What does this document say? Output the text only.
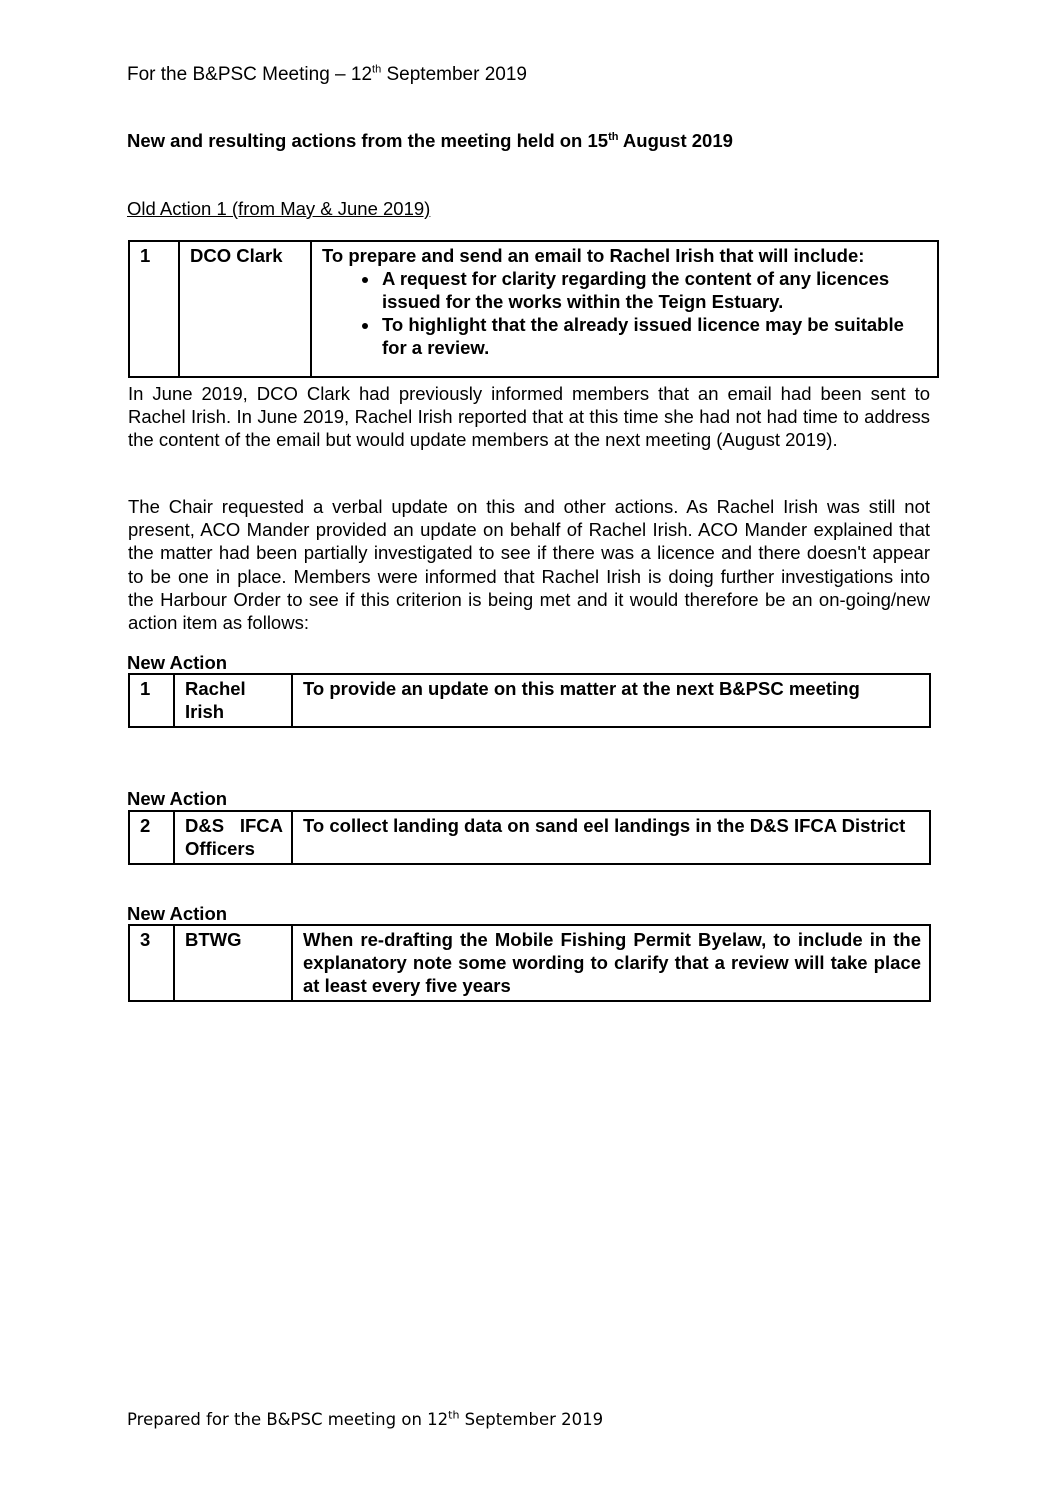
For the B&PSC Meeting – 12th September 2019
New and resulting actions from the meeting held on 15th August 2019
Old Action 1 (from May & June 2019)
1	DCO Clark	To prepare and send an email to Rachel Irish that will include:
• A request for clarity regarding the content of any licences issued for the works within the Teign Estuary.
• To highlight that the already issued licence may be suitable for a review.
In June 2019, DCO Clark had previously informed members that an email had been sent to Rachel Irish. In June 2019, Rachel Irish reported that at this time she had not had time to address the content of the email but would update members at the next meeting (August 2019).
The Chair requested a verbal update on this and other actions. As Rachel Irish was still not present, ACO Mander provided an update on behalf of Rachel Irish. ACO Mander explained that the matter had been partially investigated to see if there was a licence and there doesn't appear to be one in place. Members were informed that Rachel Irish is doing further investigations into the Harbour Order to see if this criterion is being met and it would therefore be an on-going/new action item as follows:
New Action
1	Rachel Irish	To provide an update on this matter at the next B&PSC meeting
New Action
2	D&S IFCA Officers	To collect landing data on sand eel landings in the D&S IFCA District
New Action
3	BTWG	When re-drafting the Mobile Fishing Permit Byelaw, to include in the explanatory note some wording to clarify that a review will take place at least every five years
Prepared for the B&PSC meeting on 12th September 2019
